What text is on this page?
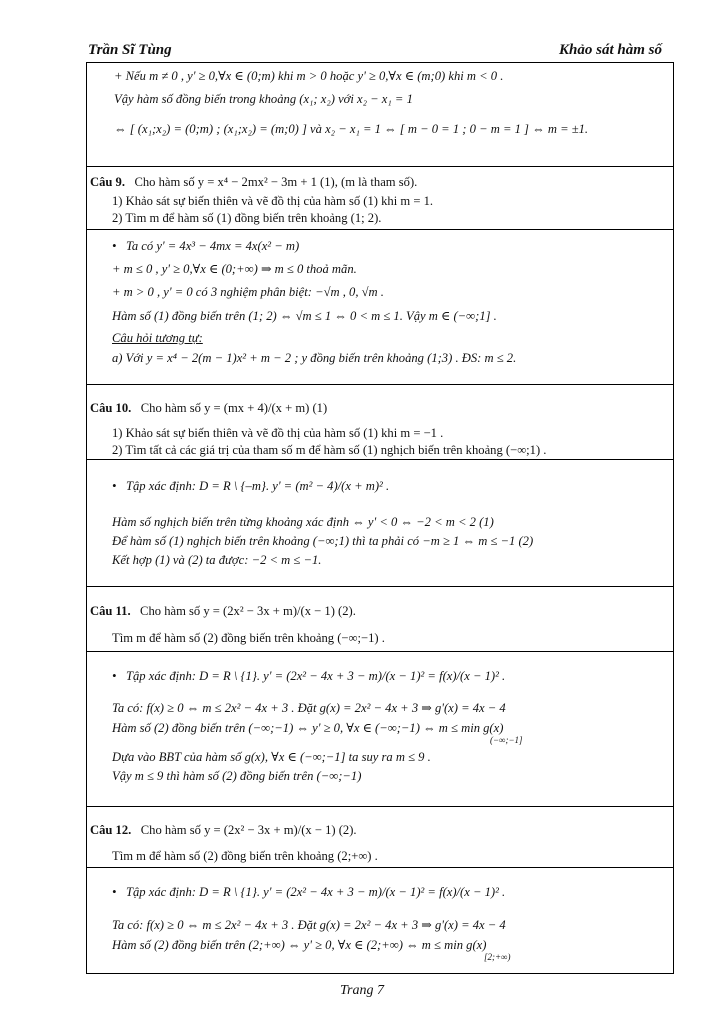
Trần Sĩ Tùng	Khảo sát hàm số
+ Nếu m ≠ 0 , y' ≥ 0,∀x ∈ (0;m) khi m > 0 hoặc y' ≥ 0,∀x ∈ (m;0) khi m < 0 .
Vậy hàm số đồng biến trong khoảng (x₁; x₂) với x₂ − x₁ = 1
⇔ [ (x₁;x₂) = (0;m) ; (x₁;x₂) = (m;0) ] và x₂ − x₁ = 1 ⇔ [ m − 0 = 1 ; 0 − m = 1 ] ⇔ m = ±1.
Câu 9. Cho hàm số y = x⁴ − 2mx² − 3m + 1 (1), (m là tham số).
1) Khảo sát sự biến thiên và vẽ đồ thị của hàm số (1) khi m = 1.
2) Tìm m để hàm số (1) đồng biến trên khoảng (1; 2).
• Ta có y' = 4x³ − 4mx = 4x(x² − m)
+ m ≤ 0 , y' ≥ 0,∀x ∈ (0;+∞) ⇒ m ≤ 0 thoả mãn.
+ m > 0 , y' = 0 có 3 nghiệm phân biệt: −√m , 0, √m .
Hàm số (1) đồng biến trên (1; 2) ⇔ √m ≤ 1 ⇔ 0 < m ≤ 1. Vậy m ∈ (−∞;1] .
Câu hỏi tương tự:
a) Với y = x⁴ − 2(m − 1)x² + m − 2 ; y đồng biến trên khoảng (1;3) . ĐS: m ≤ 2.
Câu 10. Cho hàm số y = (mx + 4)/(x + m) (1)
1) Khảo sát sự biến thiên và vẽ đồ thị của hàm số (1) khi m = −1 .
2) Tìm tất cả các giá trị của tham số m để hàm số (1) nghịch biến trên khoảng (−∞;1) .
• Tập xác định: D = R \ {–m}. y' = (m² − 4)/(x + m)² .
Hàm số nghịch biến trên từng khoảng xác định ⇔ y' < 0 ⇔ −2 < m < 2 (1)
Để hàm số (1) nghịch biến trên khoảng (−∞;1) thì ta phải có −m ≥ 1 ⇔ m ≤ −1 (2)
Kết hợp (1) và (2) ta được: −2 < m ≤ −1.
Câu 11. Cho hàm số y = (2x² − 3x + m)/(x − 1) (2).
Tìm m để hàm số (2) đồng biến trên khoảng (−∞;−1) .
• Tập xác định: D = R \ {1}. y' = (2x² − 4x + 3 − m)/(x − 1)² = f(x)/(x − 1)² .
Ta có: f(x) ≥ 0 ⇔ m ≤ 2x² − 4x + 3 . Đặt g(x) = 2x² − 4x + 3 ⇒ g'(x) = 4x − 4
Hàm số (2) đồng biến trên (−∞;−1) ⇔ y' ≥ 0, ∀x ∈ (−∞;−1) ⇔ m ≤ min g(x)
(−∞;−1]
Dựa vào BBT của hàm số g(x), ∀x ∈ (−∞;−1] ta suy ra m ≤ 9 .
Vậy m ≤ 9 thì hàm số (2) đồng biến trên (−∞;−1)
Câu 12. Cho hàm số y = (2x² − 3x + m)/(x − 1) (2).
Tìm m để hàm số (2) đồng biến trên khoảng (2;+∞) .
• Tập xác định: D = R \ {1}. y' = (2x² − 4x + 3 − m)/(x − 1)² = f(x)/(x − 1)² .
Ta có: f(x) ≥ 0 ⇔ m ≤ 2x² − 4x + 3 . Đặt g(x) = 2x² − 4x + 3 ⇒ g'(x) = 4x − 4
Hàm số (2) đồng biến trên (2;+∞) ⇔ y' ≥ 0, ∀x ∈ (2;+∞) ⇔ m ≤ min g(x)
[2;+∞)
Trang 7
